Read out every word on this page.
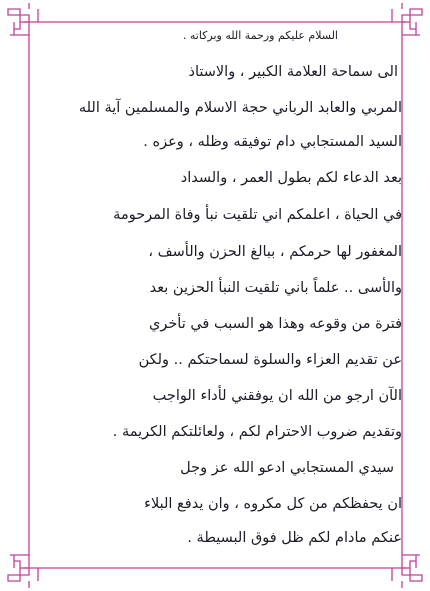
السلام عليكم ورحمة الله وبركاته .
الى سماحة العلامة الكبير ، والاستاذ
المربي والعابد الرباني حجة الاسلام والمسلمين آية الله
السيد المستجابي دام توفيقه وظله ، وعزه .
بعد الدعاء لكم بطول العمر ، والسداد
في الحياة ، اعلمكم اني تلقيت نبأ وفاة المرحومة
المغفور لها حرمكم ، ببالغ الحزن والأسف ،
والأسى .. علماً باني تلقيت النبأ الحزين بعد
فترة من وقوعه وهذا هو السبب في تأخري
عن تقديم العزاء والسلوة لسماحتكم .. ولكن
الآن ارجو من الله ان يوفقني لأداء الواجب
وتقديم ضروب الاحترام لكم ، ولعائلتكم الكريمة .
سيدي المستجابي ادعو الله عز وجل
ان يحفظكم من كل مكروه ، وان يدفع البلاء
عنكم مادام لكم ظل فوق البسيطة .
